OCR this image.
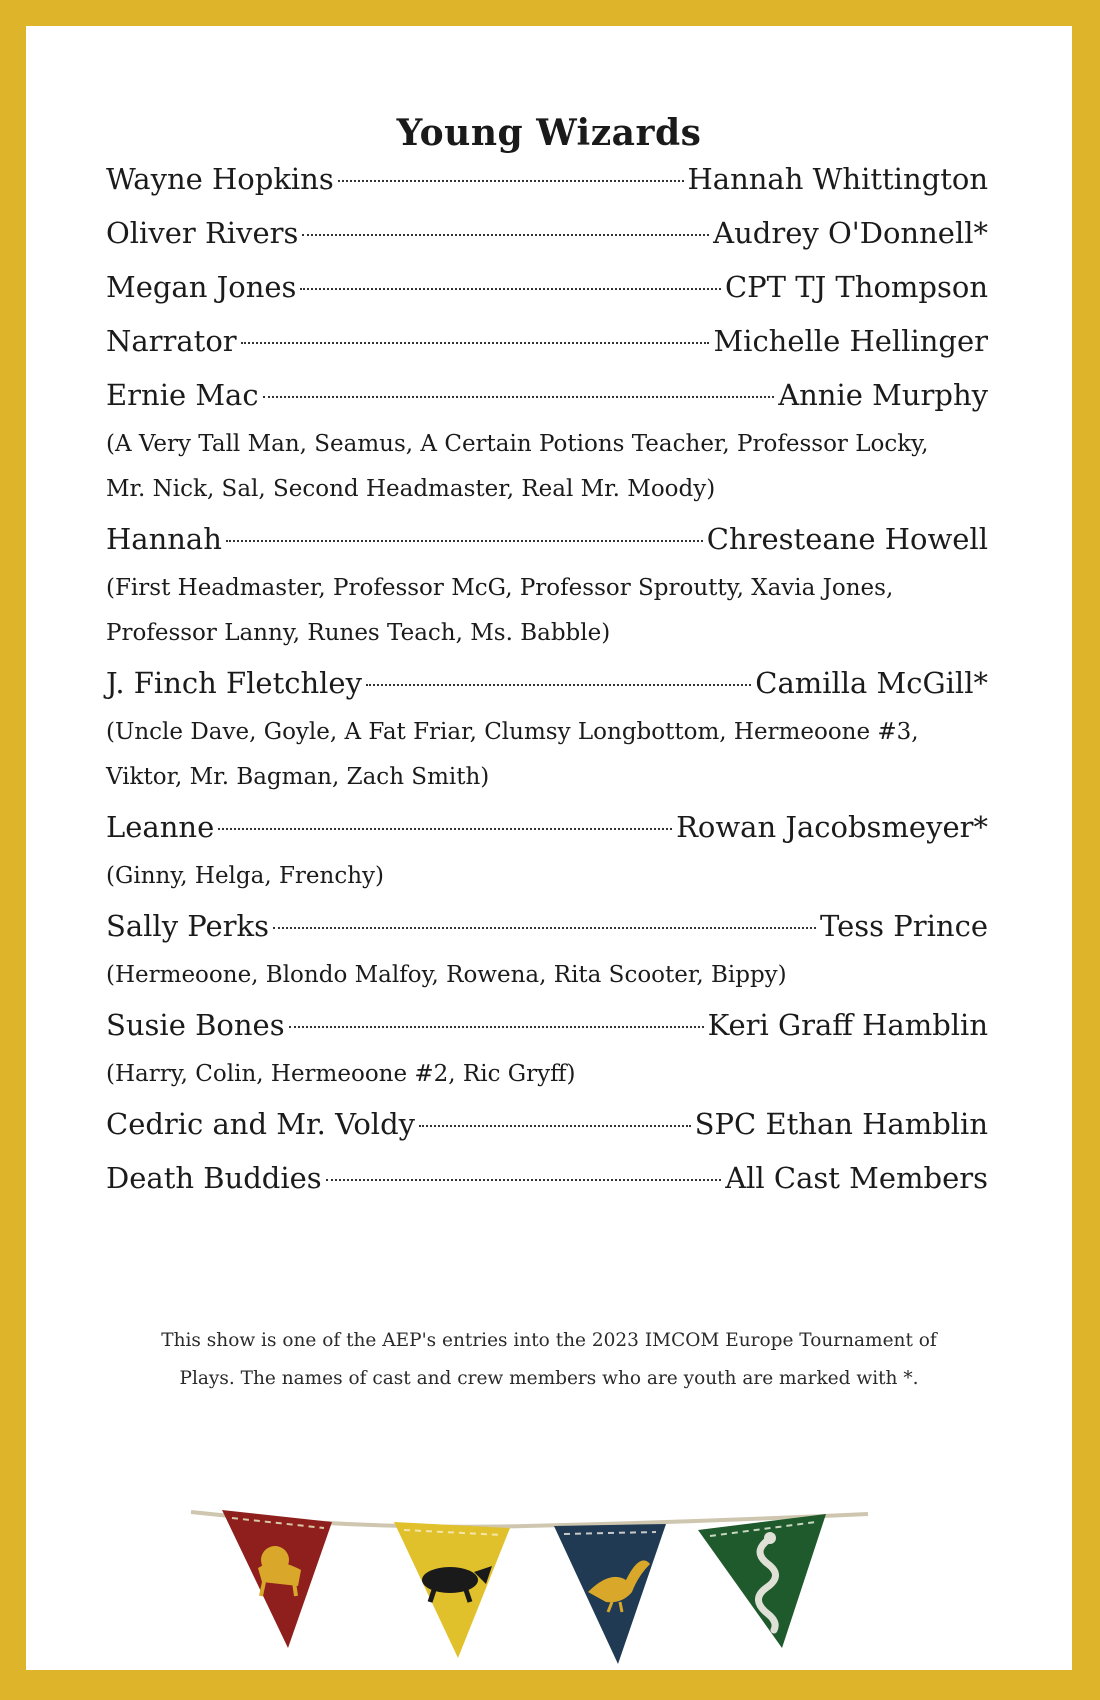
Young Wizards
Wayne Hopkins	Hannah Whittington
Oliver Rivers	Audrey O'Donnell*
Megan Jones	CPT TJ Thompson
Narrator	Michelle Hellinger
Ernie Mac	Annie Murphy
(A Very Tall Man, Seamus, A Certain Potions Teacher, Professor Locky,
Mr. Nick, Sal, Second Headmaster, Real Mr. Moody)
Hannah	Chresteane Howell
(First Headmaster, Professor McG, Professor Sproutty, Xavia Jones,
Professor Lanny, Runes Teach, Ms. Babble)
J. Finch Fletchley	Camilla McGill*
(Uncle Dave, Goyle, A Fat Friar, Clumsy Longbottom, Hermeoone #3,
Viktor, Mr. Bagman, Zach Smith)
Leanne	Rowan Jacobsmeyer*
(Ginny, Helga, Frenchy)
Sally Perks	Tess Prince
(Hermeoone, Blondo Malfoy, Rowena, Rita Scooter, Bippy)
Susie Bones	Keri Graff Hamblin
(Harry, Colin, Hermeoone #2, Ric Gryff)
Cedric and Mr. Voldy	SPC Ethan Hamblin
Death Buddies	All Cast Members
This show is one of the AEP's entries into the 2023 IMCOM Europe Tournament of
Plays. The names of cast and crew members who are youth are marked with *.
